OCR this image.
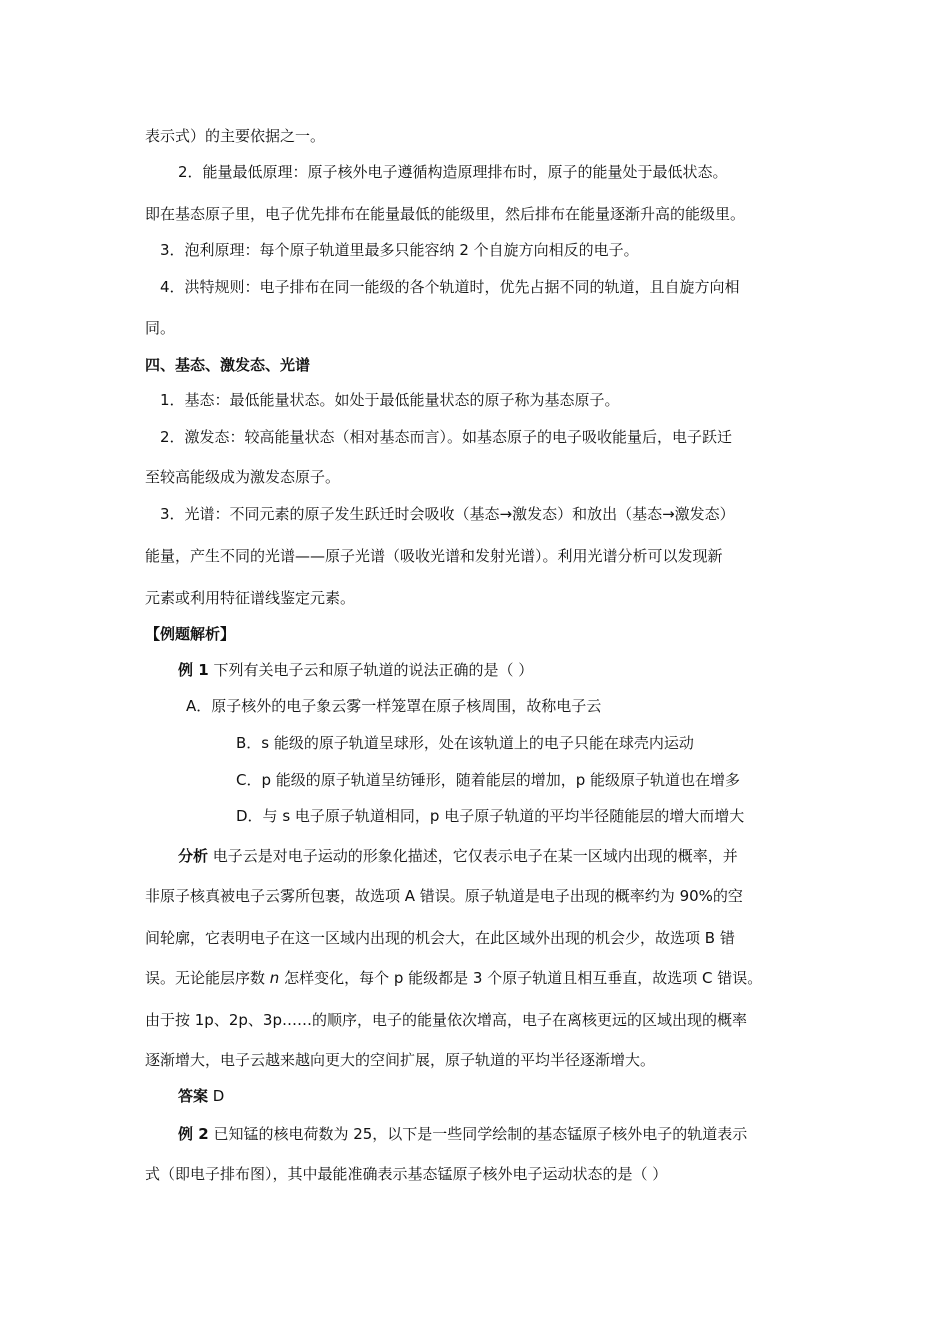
表示式）的主要依据之一。
2．能量最低原理：原子核外电子遵循构造原理排布时，原子的能量处于最低状态。
即在基态原子里，电子优先排布在能量最低的能级里，然后排布在能量逐渐升高的能级里。
3．泡利原理：每个原子轨道里最多只能容纳 2 个自旋方向相反的电子。
4．洪特规则：电子排布在同一能级的各个轨道时，优先占据不同的轨道，且自旋方向相
同。
四、基态、激发态、光谱
1．基态：最低能量状态。如处于最低能量状态的原子称为基态原子。
2．激发态：较高能量状态（相对基态而言）。如基态原子的电子吸收能量后，电子跃迁
至较高能级成为激发态原子。
3．光谱：不同元素的原子发生跃迁时会吸收（基态→激发态）和放出（基态→激发态）
能量，产生不同的光谱——原子光谱（吸收光谱和发射光谱）。利用光谱分析可以发现新
元素或利用特征谱线鉴定元素。
【例题解析】
例 1 下列有关电子云和原子轨道的说法正确的是（ ）
A．原子核外的电子象云雾一样笼罩在原子核周围，故称电子云
B．s 能级的原子轨道呈球形，处在该轨道上的电子只能在球壳内运动
C．p 能级的原子轨道呈纺锤形，随着能层的增加，p 能级原子轨道也在增多
D．与 s 电子原子轨道相同，p 电子原子轨道的平均半径随能层的增大而增大
分析 电子云是对电子运动的形象化描述，它仅表示电子在某一区域内出现的概率，并
非原子核真被电子云雾所包裹，故选项 A 错误。原子轨道是电子出现的概率约为 90%的空
间轮廓，它表明电子在这一区域内出现的机会大，在此区域外出现的机会少，故选项 B 错
误。无论能层序数 n 怎样变化，每个 p 能级都是 3 个原子轨道且相互垂直，故选项 C 错误。
由于按 1p、2p、3p……的顺序，电子的能量依次增高，电子在离核更远的区域出现的概率
逐渐增大，电子云越来越向更大的空间扩展，原子轨道的平均半径逐渐增大。
答案 D
例 2 已知锰的核电荷数为 25，以下是一些同学绘制的基态锰原子核外电子的轨道表示
式（即电子排布图），其中最能准确表示基态锰原子核外电子运动状态的是（ ）
